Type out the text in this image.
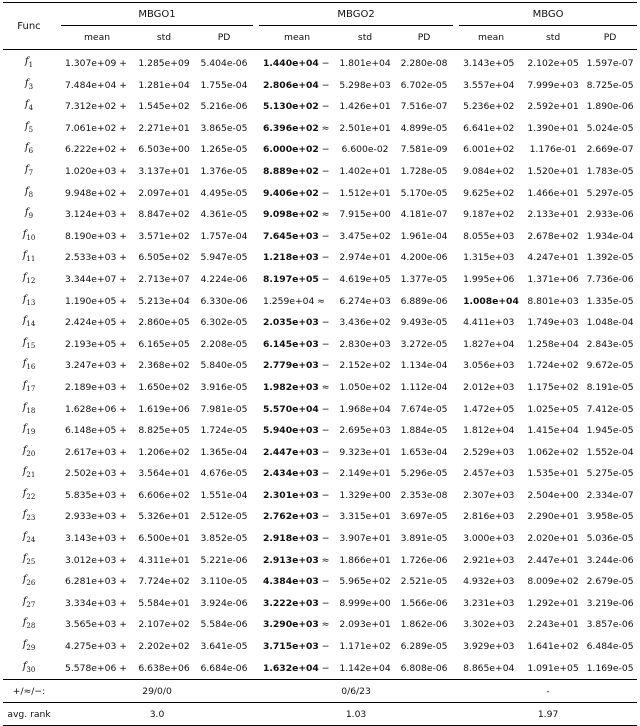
Func		MBGO1				MBGO2				MBGO		
		mean	std	PD		mean	std	PD		mean	std	PD
$f_1$		1.307e+09 +	1.285e+09	5.404e-06		1.440e+04 −	1.801e+04	2.280e-08		3.143e+05	2.102e+05	1.597e-07
$f_3$		7.484e+04 +	1.281e+04	1.755e-04		2.806e+04 −	5.298e+03	6.702e-05		3.557e+04	7.999e+03	8.725e-05
$f_4$		7.312e+02 +	1.545e+02	5.216e-06		5.130e+02 −	1.426e+01	7.516e-07		5.236e+02	2.592e+01	1.890e-06
$f_5$		7.061e+02 +	2.271e+01	3.865e-05		6.396e+02 ≈	2.501e+01	4.899e-05		6.641e+02	1.390e+01	5.024e-05
$f_6$		6.222e+02 +	6.503e+00	1.265e-05		6.000e+02 −	6.600e-02	7.581e-09		6.001e+02	1.176e-01	2.669e-07
$f_7$		1.020e+03 +	3.137e+01	1.376e-05		8.889e+02 −	1.402e+01	1.728e-05		9.084e+02	1.520e+01	1.783e-05
$f_8$		9.948e+02 +	2.097e+01	4.495e-05		9.406e+02 −	1.512e+01	5.170e-05		9.625e+02	1.466e+01	5.297e-05
$f_9$		3.124e+03 +	8.847e+02	4.361e-05		9.098e+02 ≈	7.915e+00	4.181e-07		9.187e+02	2.133e+01	2.933e-06
$f_{10}$		8.190e+03 +	3.571e+02	1.757e-04		7.645e+03 −	3.475e+02	1.961e-04		8.055e+03	2.678e+02	1.934e-04
$f_{11}$		2.533e+03 +	6.505e+02	5.947e-05		1.218e+03 −	2.974e+01	4.200e-06		1.315e+03	4.247e+01	1.392e-05
$f_{12}$		3.344e+07 +	2.713e+07	4.224e-06		8.197e+05 −	4.619e+05	1.377e-05		1.995e+06	1.371e+06	7.736e-06
$f_{13}$		1.190e+05 +	5.213e+04	6.330e-06		1.259e+04 ≈	6.274e+03	6.889e-06		1.008e+04	8.801e+03	1.335e-05
$f_{14}$		2.424e+05 +	2.860e+05	6.302e-05		2.035e+03 −	3.436e+02	9.493e-05		4.411e+03	1.749e+03	1.048e-04
$f_{15}$		2.193e+05 +	6.165e+05	2.208e-05		6.145e+03 −	2.830e+03	3.272e-05		1.827e+04	1.258e+04	2.843e-05
$f_{16}$		3.247e+03 +	2.368e+02	5.840e-05		2.779e+03 −	2.152e+02	1.134e-04		3.056e+03	1.724e+02	9.672e-05
$f_{17}$		2.189e+03 +	1.650e+02	3.916e-05		1.982e+03 ≈	1.050e+02	1.112e-04		2.012e+03	1.175e+02	8.191e-05
$f_{18}$		1.628e+06 +	1.619e+06	7.981e-05		5.570e+04 −	1.968e+04	7.674e-05		1.472e+05	1.025e+05	7.412e-05
$f_{19}$		6.148e+05 +	8.825e+05	1.724e-05		5.940e+03 −	2.695e+03	1.884e-05		1.812e+04	1.415e+04	1.945e-05
$f_{20}$		2.617e+03 +	1.206e+02	1.365e-04		2.447e+03 −	9.323e+01	1.653e-04		2.529e+03	1.062e+02	1.552e-04
$f_{21}$		2.502e+03 +	3.564e+01	4.676e-05		2.434e+03 −	2.149e+01	5.296e-05		2.457e+03	1.535e+01	5.275e-05
$f_{22}$		5.835e+03 +	6.606e+02	1.551e-04		2.301e+03 −	1.329e+00	2.353e-08		2.307e+03	2.504e+00	2.334e-07
$f_{23}$		2.933e+03 +	5.326e+01	2.512e-05		2.762e+03 −	3.315e+01	3.697e-05		2.816e+03	2.290e+01	3.958e-05
$f_{24}$		3.143e+03 +	6.500e+01	3.852e-05		2.918e+03 −	3.907e+01	3.891e-05		3.000e+03	2.020e+01	5.036e-05
$f_{25}$		3.012e+03 +	4.311e+01	5.221e-06		2.913e+03 ≈	1.866e+01	1.726e-06		2.921e+03	2.447e+01	3.244e-06
$f_{26}$		6.281e+03 +	7.724e+02	3.110e-05		4.384e+03 −	5.965e+02	2.521e-05		4.932e+03	8.009e+02	2.679e-05
$f_{27}$		3.334e+03 +	5.584e+01	3.924e-06		3.222e+03 −	8.999e+00	1.566e-06		3.231e+03	1.292e+01	3.219e-06
$f_{28}$		3.565e+03 +	2.107e+02	5.584e-06		3.290e+03 ≈	2.093e+01	1.862e-06		3.302e+03	2.243e+01	3.857e-06
$f_{29}$		4.275e+03 +	2.202e+02	3.641e-05		3.715e+03 −	1.171e+02	6.289e-05		3.929e+03	1.641e+02	6.484e-05
$f_{30}$		5.578e+06 +	6.638e+06	6.684e-06		1.632e+04 −	1.142e+04	6.808e-06		8.865e+04	1.091e+05	1.169e-05
+/≈/−:		29/0/0				0/6/23				-		
avg. rank		3.0				1.03				1.97		
